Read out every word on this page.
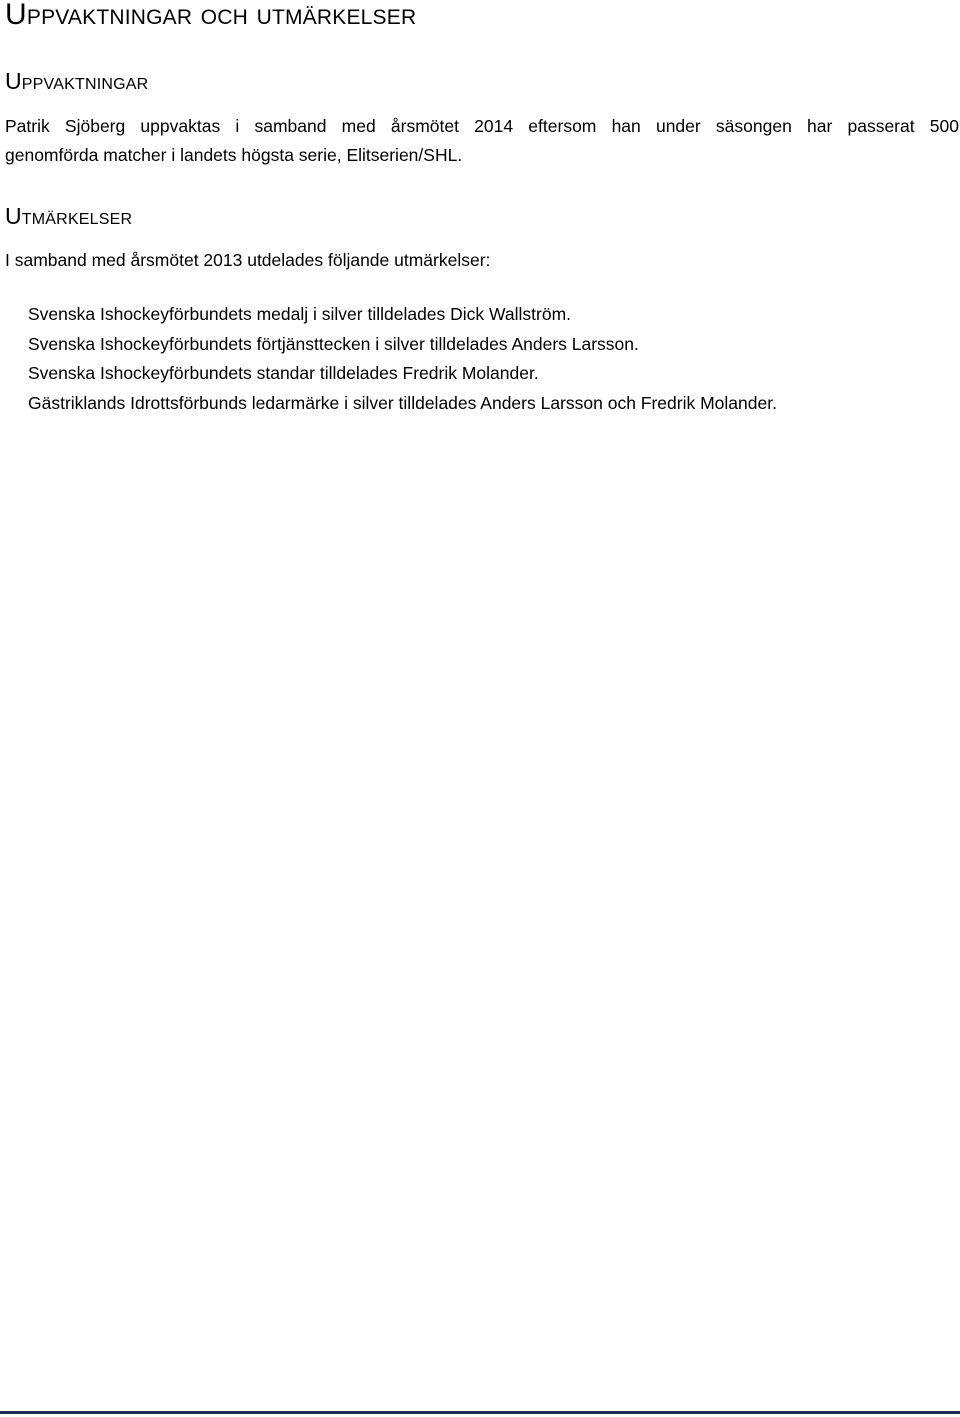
Uppvaktningar och utmärkelser
Uppvaktningar

Patrik Sjöberg uppvaktas i samband med årsmötet 2014 eftersom han under säsongen har passerat 500
genomförda matcher i landets högsta serie, Elitserien/SHL.

Utmärkelser

I samband med årsmötet 2013 utdelades följande utmärkelser:

Svenska Ishockeyförbundets medalj i silver tilldelades Dick Wallström.
Svenska Ishockeyförbundets förtjänsttecken i silver tilldelades Anders Larsson.
Svenska Ishockeyförbundets standar tilldelades Fredrik Molander.
Gästriklands Idrottsförbunds ledarmärke i silver tilldelades Anders Larsson och Fredrik Molander.
